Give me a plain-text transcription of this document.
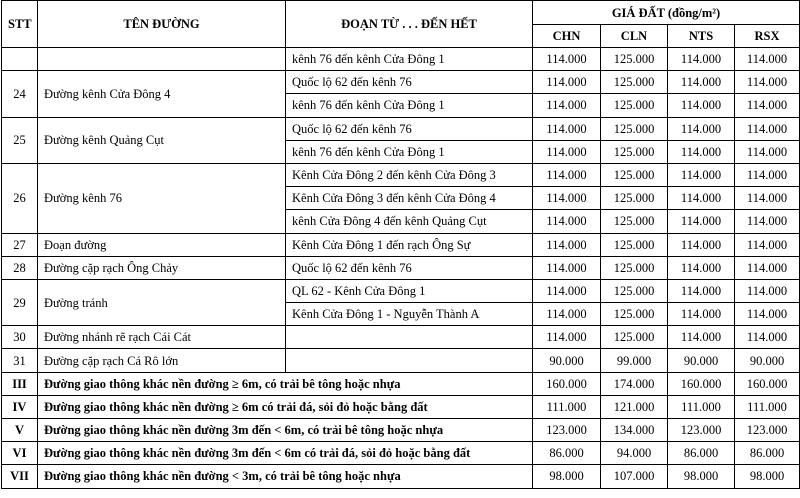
STT	TÊN ĐƯỜNG	ĐOẠN TỪ . . . ĐẾN HẾT	GIÁ ĐẤT (đồng/m²)			
			CHN	CLN	NTS	RSX
		kênh 76 đến kênh Cửa Đông 1	114.000	125.000	114.000	114.000
24	Đường kênh Cửa Đông 4	Quốc lộ 62 đến kênh 76	114.000	125.000	114.000	114.000
		kênh 76 đến kênh Cửa Đông 1	114.000	125.000	114.000	114.000
25	Đường kênh Quảng Cụt	Quốc lộ 62 đến kênh 76	114.000	125.000	114.000	114.000
		kênh 76 đến kênh Cửa Đông 1	114.000	125.000	114.000	114.000
26	Đường kênh 76	Kênh Cửa Đông 2 đến kênh Cửa Đông 3	114.000	125.000	114.000	114.000
		Kênh Cửa Đông 3 đến kênh Cửa Đông 4	114.000	125.000	114.000	114.000
		kênh Cửa Đông 4 đến kênh Quảng Cụt	114.000	125.000	114.000	114.000
27	Đoạn đường	Kênh Cửa Đông 1 đến rạch Ông Sự	114.000	125.000	114.000	114.000
28	Đường cặp rạch Ông Chảy	Quốc lộ 62 đến kênh 76	114.000	125.000	114.000	114.000
29	Đường tránh	QL 62 - Kênh Cửa Đông 1	114.000	125.000	114.000	114.000
		Kênh Cửa Đông 1 - Nguyễn Thành A	114.000	125.000	114.000	114.000
30	Đường nhánh rẽ rạch Cái Cát		114.000	125.000	114.000	114.000
31	Đường cặp rạch Cá Rô lớn		90.000	99.000	90.000	90.000
III	Đường giao thông khác nền đường ≥ 6m, có trải bê tông hoặc nhựa		160.000	174.000	160.000	160.000
IV	Đường giao thông khác nền đường ≥ 6m có trải đá, sỏi đỏ hoặc bằng đất		111.000	121.000	111.000	111.000
V	Đường giao thông khác nền đường 3m đến < 6m, có trải bê tông hoặc nhựa		123.000	134.000	123.000	123.000
VI	Đường giao thông khác nền đường 3m đến < 6m có trải đá, sỏi đỏ hoặc bằng đất		86.000	94.000	86.000	86.000
VII	Đường giao thông khác nền đường < 3m, có trải bê tông hoặc nhựa		98.000	107.000	98.000	98.000
